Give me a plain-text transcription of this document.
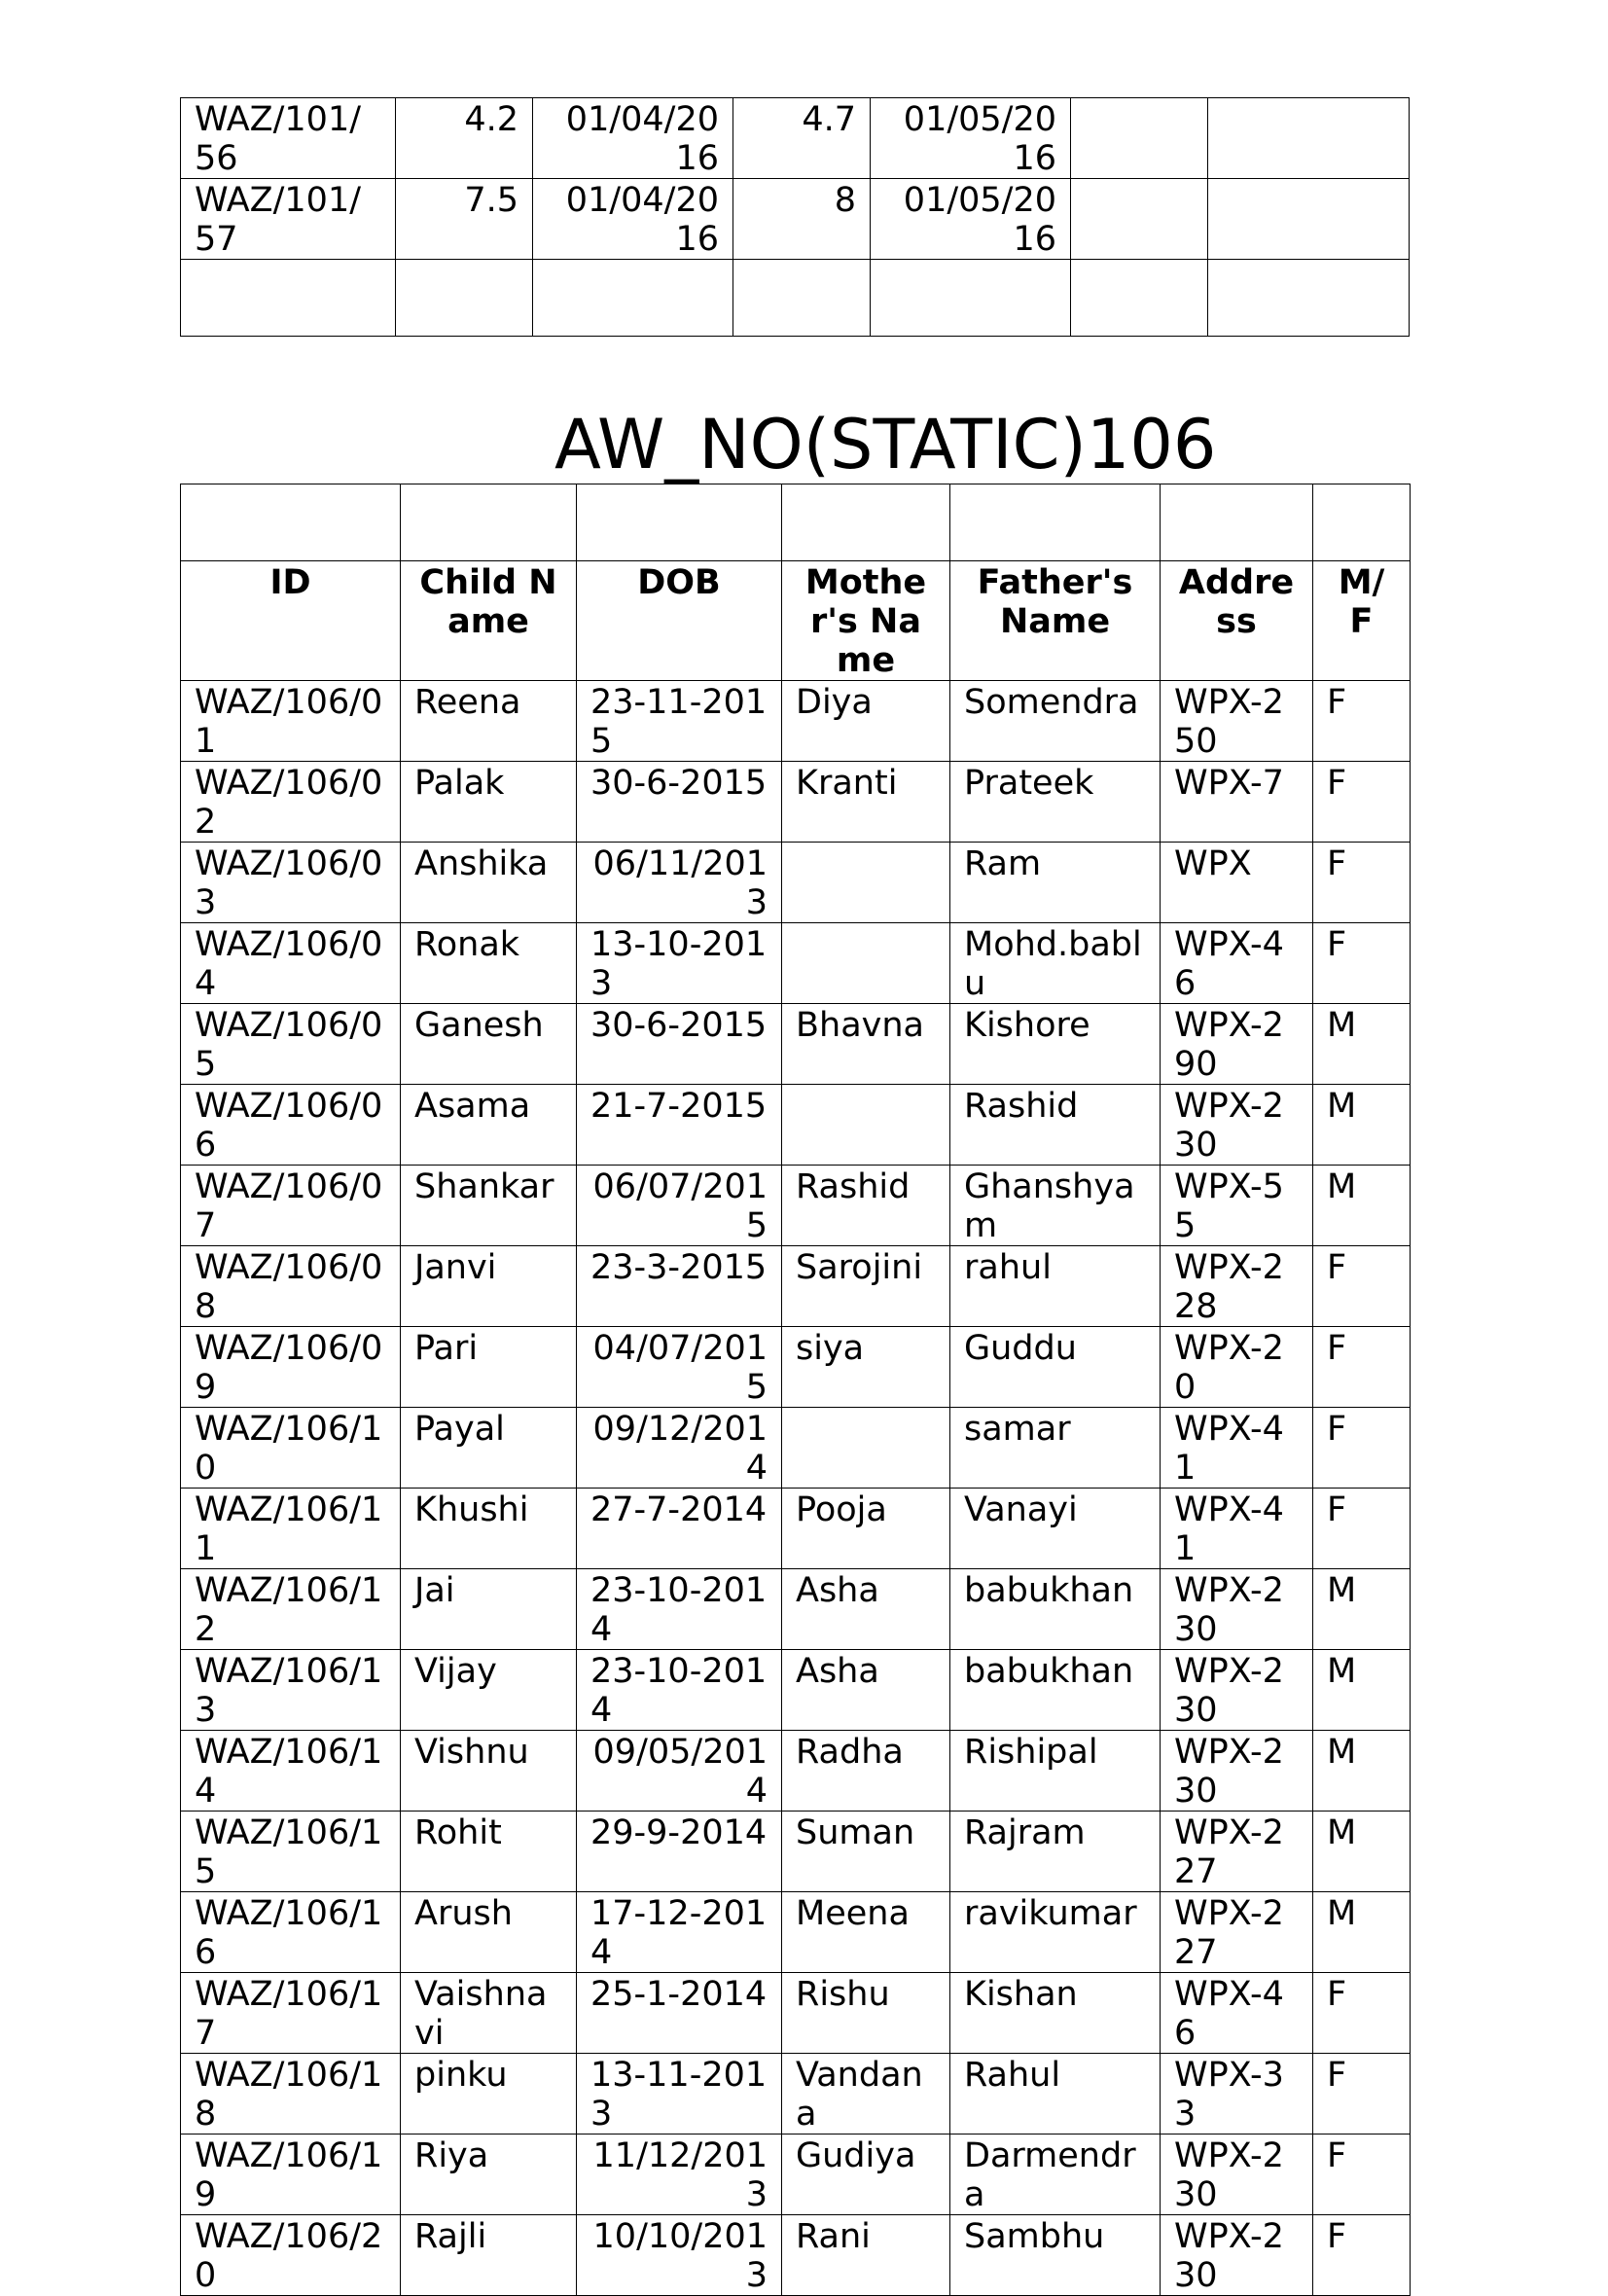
WAZ/101/56	4.2	01/04/2016	4.7	01/05/2016		
WAZ/101/57	7.5	01/04/2016	8	01/05/2016		

AW_NO(STATIC)106

ID	Child Name	DOB	Mother's Name	Father's Name	Address	M/F
WAZ/106/01	Reena	23-11-2015	Diya	Somendra	WPX-250	F
WAZ/106/02	Palak	30-6-2015	Kranti	Prateek	WPX-7	F
WAZ/106/03	Anshika	06/11/2013		Ram	WPX	F
WAZ/106/04	Ronak	13-10-2013		Mohd.bablu	WPX-46	F
WAZ/106/05	Ganesh	30-6-2015	Bhavna	Kishore	WPX-290	M
WAZ/106/06	Asama	21-7-2015		Rashid	WPX-230	M
WAZ/106/07	Shankar	06/07/2015	Rashid	Ghanshyam	WPX-55	M
WAZ/106/08	Janvi	23-3-2015	Sarojini	rahul	WPX-228	F
WAZ/106/09	Pari	04/07/2015	siya	Guddu	WPX-20	F
WAZ/106/10	Payal	09/12/2014		samar	WPX-41	F
WAZ/106/11	Khushi	27-7-2014	Pooja	Vanayi	WPX-41	F
WAZ/106/12	Jai	23-10-2014	Asha	babukhan	WPX-230	M
WAZ/106/13	Vijay	23-10-2014	Asha	babukhan	WPX-230	M
WAZ/106/14	Vishnu	09/05/2014	Radha	Rishipal	WPX-230	M
WAZ/106/15	Rohit	29-9-2014	Suman	Rajram	WPX-227	M
WAZ/106/16	Arush	17-12-2014	Meena	ravikumar	WPX-227	M
WAZ/106/17	Vaishnavi	25-1-2014	Rishu	Kishan	WPX-46	F
WAZ/106/18	pinku	13-11-2013	Vandana	Rahul	WPX-33	F
WAZ/106/19	Riya	11/12/2013	Gudiya	Darmendra	WPX-230	F
WAZ/106/20	Rajli	10/10/2013	Rani	Sambhu	WPX-230	F
